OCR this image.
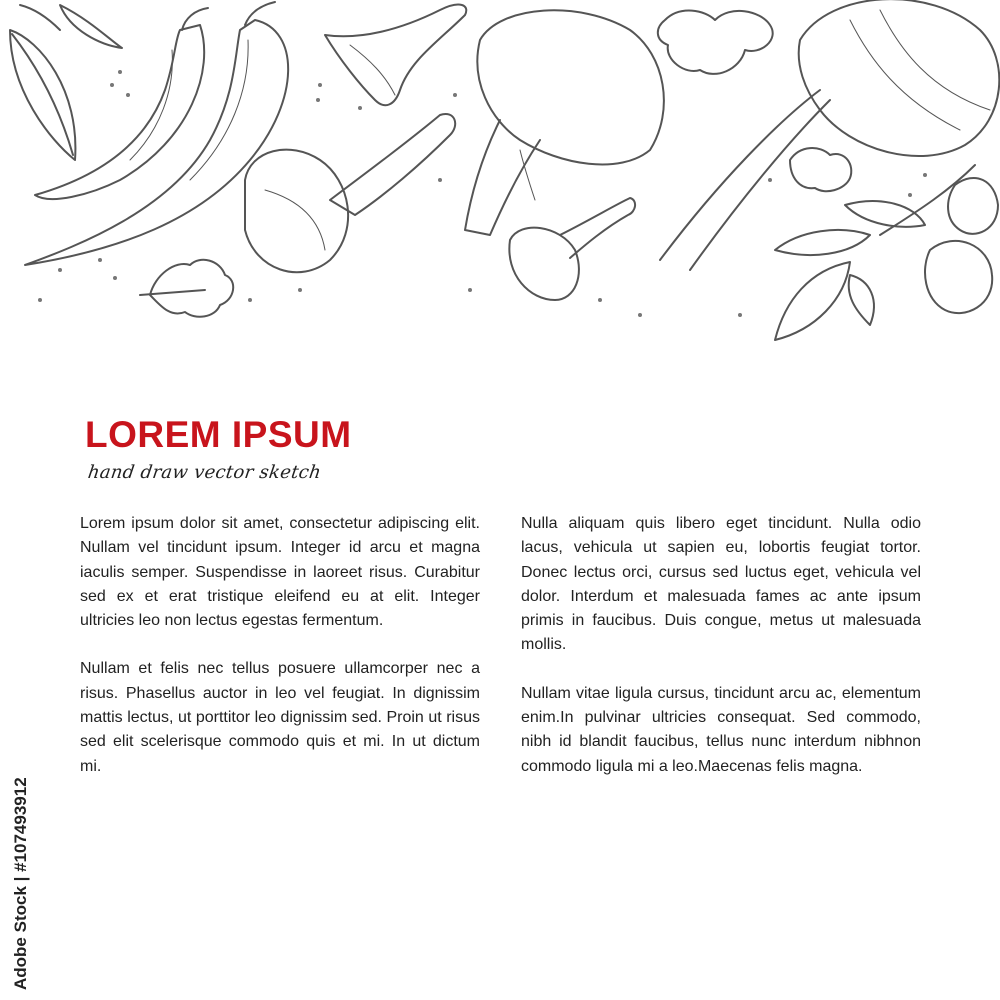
LOREM IPSUM
hand draw vector sketch

Lorem ipsum dolor sit amet, consectetur adipiscing elit. Nullam vel tincidunt ipsum. Integer id arcu et magna iaculis semper. Suspendisse in laoreet risus. Curabitur sed ex et erat tristique eleifend eu at elit. Integer ultricies leo non lectus egestas fermentum.

Nullam et felis nec tellus posuere ullamcorper nec a risus. Phasellus auctor in leo vel feugiat. In dignissim mattis lectus, ut porttitor leo dignissim sed. Proin ut risus sed elit scelerisque commodo quis et mi. In ut dictum mi.

Nulla aliquam quis libero eget tincidunt. Nulla odio lacus, vehicula ut sapien eu, lobortis feugiat tortor. Donec lectus orci, cursus sed luctus eget, vehicula vel dolor. Interdum et malesuada fames ac ante ipsum primis in faucibus. Duis congue, metus ut malesuada mollis.

Nullam vitae ligula cursus, tincidunt arcu ac, elementum enim.In pulvinar ultricies consequat. Sed commodo, nibh id blandit faucibus, tellus nunc interdum nibhnon commodo ligula mi a leo.Maecenas felis magna.

Adobe Stock | #107493912
